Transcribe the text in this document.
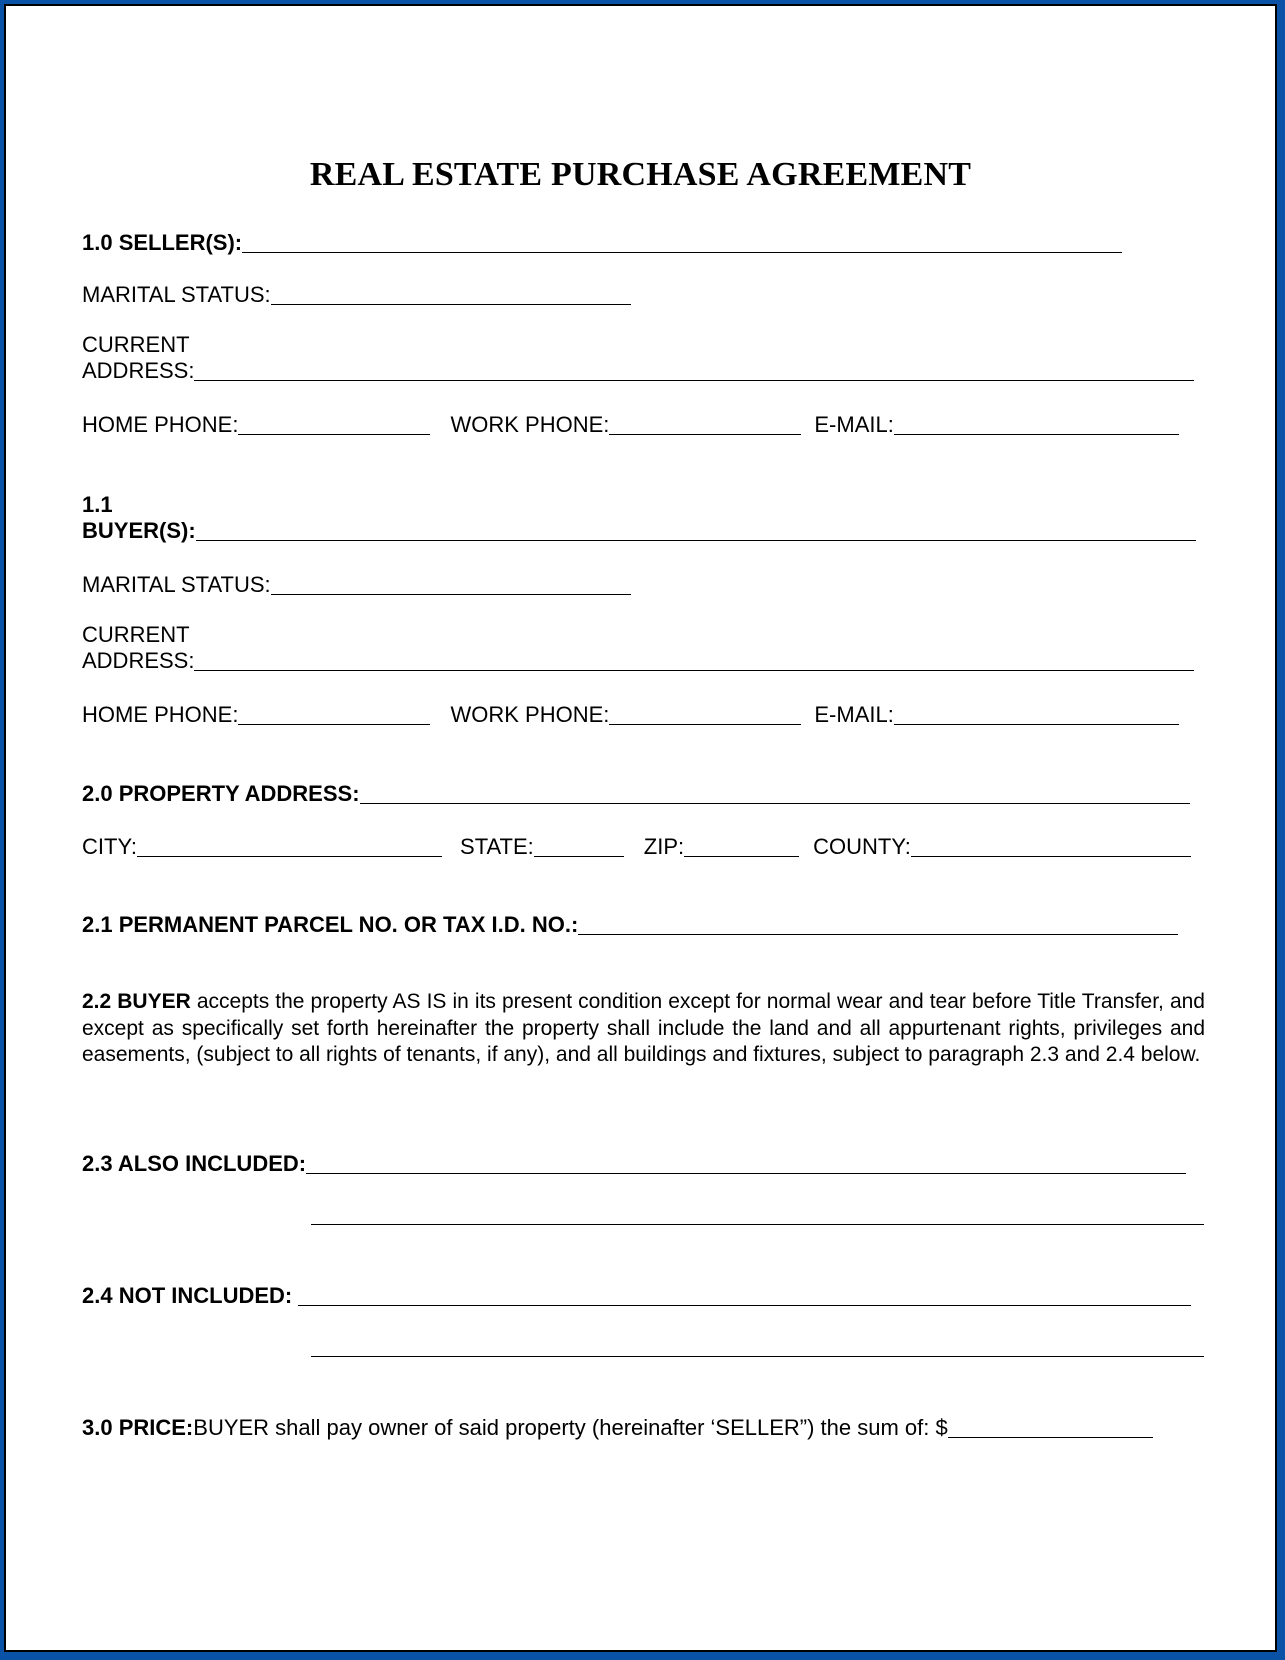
REAL ESTATE PURCHASE AGREEMENT
1.0 SELLER(S):
MARITAL STATUS:
CURRENT
ADDRESS:
HOME PHONE:	WORK PHONE:	E-MAIL:
1.1
BUYER(S):
MARITAL STATUS:
CURRENT
ADDRESS:
HOME PHONE:	WORK PHONE:	E-MAIL:
2.0 PROPERTY ADDRESS:
CITY:	STATE:	ZIP:	COUNTY:
2.1 PERMANENT PARCEL NO. OR TAX I.D. NO.:
2.2 BUYER accepts the property AS IS in its present condition except for normal wear and tear before Title Transfer, and except as specifically set forth hereinafter the property shall include the land and all appurtenant rights, privileges and easements, (subject to all rights of tenants, if any), and all buildings and fixtures, subject to paragraph 2.3 and 2.4 below.
2.3 ALSO INCLUDED:
2.4 NOT INCLUDED:
3.0 PRICE: BUYER shall pay owner of said property (hereinafter ‘SELLER”) the sum of: $
